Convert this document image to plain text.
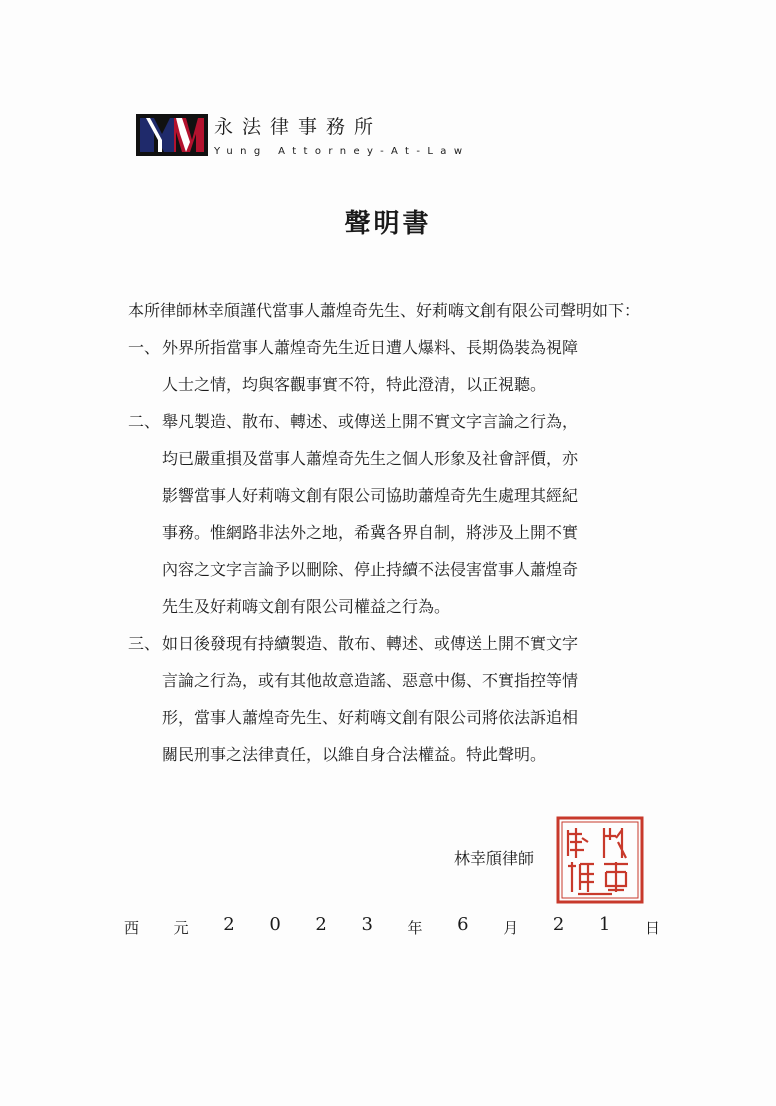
永法律事務所
Yung Attorney-At-Law
聲明書

本所律師林幸頎謹代當事人蕭煌奇先生、好莉嗨文創有限公司聲明如下：

一、 外界所指當事人蕭煌奇先生近日遭人爆料、長期偽裝為視障
人士之情，均與客觀事實不符，特此澄清，以正視聽。
二、 舉凡製造、散布、轉述、或傳送上開不實文字言論之行為，
均已嚴重損及當事人蕭煌奇先生之個人形象及社會評價，亦
影響當事人好莉嗨文創有限公司協助蕭煌奇先生處理其經紀
事務。惟網路非法外之地，希冀各界自制，將涉及上開不實
內容之文字言論予以刪除、停止持續不法侵害當事人蕭煌奇
先生及好莉嗨文創有限公司權益之行為。
三、 如日後發現有持續製造、散布、轉述、或傳送上開不實文字
言論之行為，或有其他故意造謠、惡意中傷、不實指控等情
形，當事人蕭煌奇先生、好莉嗨文創有限公司將依法訴追相
關民刑事之法律責任，以維自身合法權益。特此聲明。
林幸頎律師
西 元 2 0 2 3 年 6 月 2 1 日
